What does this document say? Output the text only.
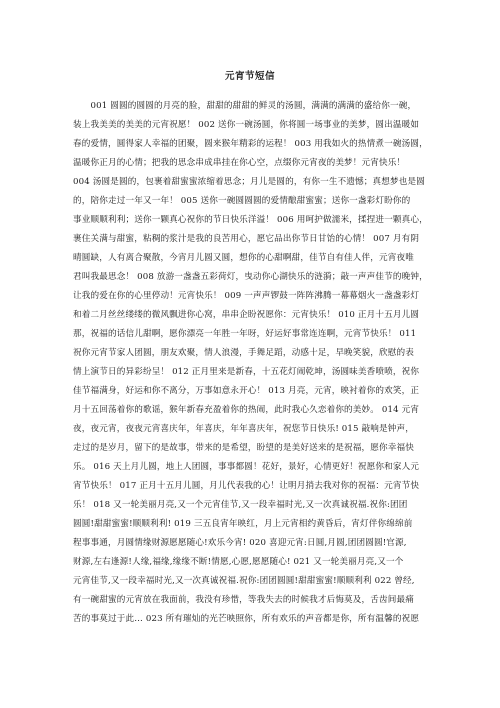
元宵节短信
　　001 圆圆的圆圆的月亮的脸，甜甜的甜甜的鲜灵的汤圆，满满的满满的盛给你一碗，
装上我美美的美美的元宵祝愿！ 002 送你一碗汤圆，你将圆一场事业的美梦，圆出温暖如
春的爱情，圆得家人幸福的团聚，圆来猴年精彩的运程！ 003 用我如火的热情煮一碗汤圆，
温暖你正月的心情；把我的思念串成串挂在你心空，点缀你元宵夜的美梦！元宵快乐！
004 汤圆是圆的，包裹着甜蜜蜜浓缩着思念；月儿是圆的，有你一生不遗憾；真想梦也是圆
的，陪你走过一年又一年！ 005 送你一碗圆圆圆的爱情酿甜蜜蜜；送你一盏彩灯盼你的
事业顺顺利利；送你一颗真心祝你的节日快乐洋溢！ 006 用呵护做濡米，揉捏进一颗真心，
裹住关满与甜蜜，粘稠的浆汁是我的良苦用心，愿它品出你节日甘饴的心情！ 007 月有阴
晴圆缺，人有离合聚散，今宵月儿圆又圆，想你的心甜啊甜，佳节自有佳人伴，元宵夜唯
君叫我最思念！ 008 放游一盏盏五彩荷灯，曳动你心湖快乐的涟漪；敲一声声佳节的晚钟，
让我的爱在你的心里停动！元宵快乐！ 009 一声声锣鼓一阵阵沸腾一幕幕烟火一盏盏彩灯
和着二月丝丝缕缕的微风飘进你心窝，串串企盼祝愿你：元宵快乐！ 010 正月十五月儿圆
那，祝福的话信儿甜啊，愿你漂亮一年胜一年呀，好运好事常连连啊，元宵节快乐！ 011
祝你元宵节家人团圆，朋友欢聚，情人浪漫，手舞足蹈，动感十足，早晚笑貌，欣慰的表
情上演节日的异彩纷呈！ 012 正月里来是新春，十五花灯闹乾坤，汤圆味美香喷喷，祝你
佳节福满身，好运和你不离分，万事如意永开心！ 013 月亮，元宵，映衬着你的欢笑，正
月十五回荡着你的歌谣，猴年新春充盈着你的热闹，此时我心久恋着你的美妙。 014 元宵
夜，夜元宵，夜夜元宵喜庆年，年喜庆，年年喜庆年，祝您节日快乐! 015 敲响是钟声，
走过的是岁月，留下的是故事，带来的是希望，盼望的是美好送来的是祝福，愿你幸福快
乐。 016 天上月儿圆，地上人团圆，事事都圆！花好，景好，心情更好！祝愿你和家人元
宵节快乐！ 017 正月十五月儿圆，月儿代表我的心！让明月捎去我对你的祝福：元宵节快
乐！ 018 又一轮美丽月亮,又一个元宵佳节,又一段幸福时光,又一次真诚祝福.祝你:团团
圆圆!甜甜蜜蜜!顺顺利利! 019 三五良宵年映红，月上元宵相约黄昏后，宵灯伴你绵绵前
程事事通，月圆情缘财源愿愿随心!欢乐今宵! 020 喜迎元宵:日圆,月圆,团团圆圆!官源,
财源,左右逢源!人缘,福缘,缘缘不断!情愿,心愿,愿愿随心! 021 又一轮美丽月亮,又一个
元宵佳节,又一段幸福时光,又一次真诚祝福.祝你:团团圆圆!甜甜蜜蜜!顺顺利利 022 曾经,
有一碗甜蜜的元宵放在我面前，我没有珍惜，等我失去的时候我才后悔莫及，舌齿间最痛
苦的事莫过于此… 023 所有璀灿的光芒映照你，所有欢乐的声音都是你，所有温馨的祝愿
